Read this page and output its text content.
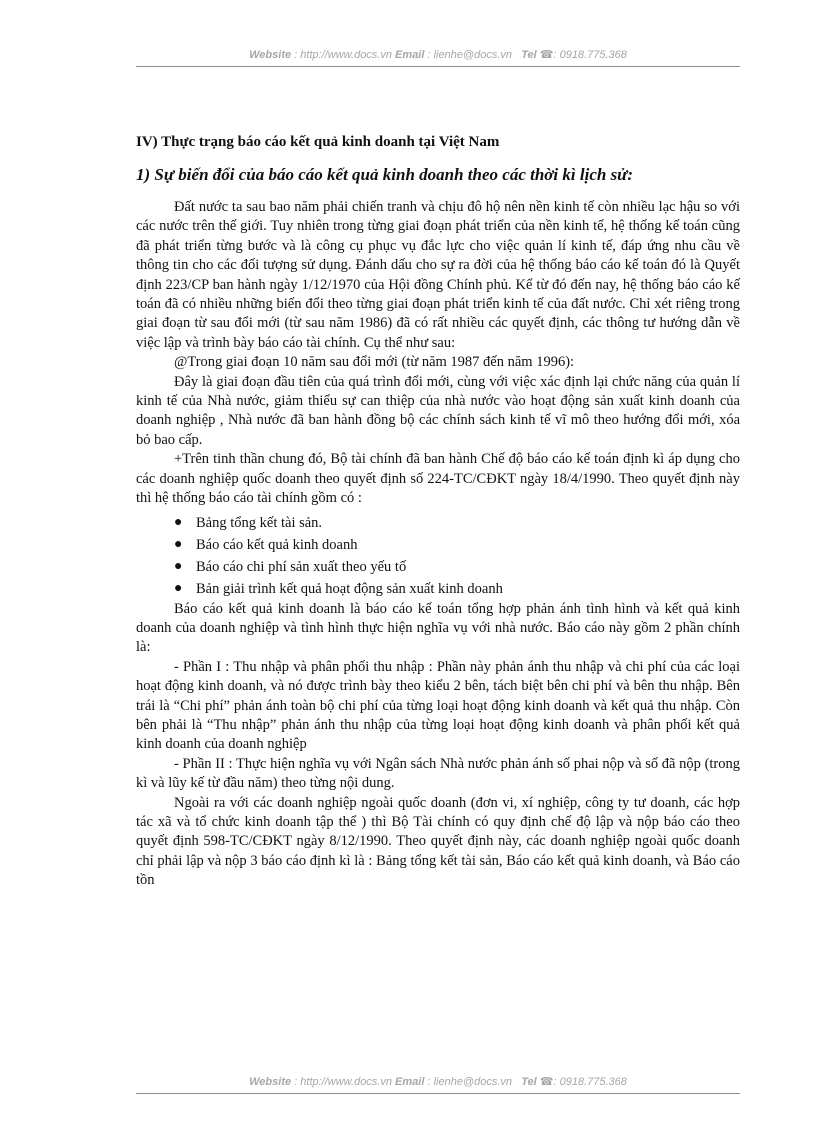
Website : http://www.docs.vn Email : lienhe@docs.vn   Tel ☎: 0918.775.368
IV) Thực trạng báo cáo kết quả kinh doanh tại Việt Nam
1) Sự biến đổi của báo cáo kết quả kinh doanh theo các thời kì lịch sử:

Đất nước ta sau bao năm phải chiến tranh và chịu đô hộ nên nền kinh tế còn nhiều lạc hậu so với các nước trên thế giới. Tuy nhiên trong từng giai đoạn phát triển của nền kinh tế, hệ thống kế toán cũng đã phát triển từng bước và là công cụ phục vụ đắc lực cho việc quản lí kinh tế, đáp ứng nhu cầu về thông tin cho các đối tượng sử dụng. Đánh dấu cho sự ra đời của hệ thống báo cáo kế toán đó là Quyết định 223/CP ban hành ngày 1/12/1970 của Hội đồng Chính phủ. Kể từ đó đến nay, hệ thống báo cáo kế toán đã có nhiều những biến đổi theo từng giai đoạn phát triển kinh tế của đất nước. Chỉ xét riêng trong giai đoạn từ sau đổi mới (từ sau năm 1986) đã có rất nhiều các quyết định, các thông tư hướng dẫn về việc lập và trình bày báo cáo tài chính. Cụ thể như sau:

@Trong giai đoạn 10 năm sau đổi mới (từ năm 1987 đến năm 1996):

Đây là giai đoạn đầu tiên của quá trình đổi mới, cùng với việc xác định lại chức năng của quản lí kinh tế của Nhà nước, giảm thiểu sự can thiệp của nhà nước vào hoạt động sản xuất kinh doanh của doanh nghiệp , Nhà nước đã ban hành đồng bộ các chính sách kinh tế vĩ mô theo hướng đổi mới, xóa bỏ bao cấp.

+Trên tinh thần chung đó, Bộ tài chính đã ban hành Chế độ báo cáo kế toán định kì áp dụng cho các doanh nghiệp quốc doanh theo quyết định số 224-TC/CĐKT ngày 18/4/1990. Theo quyết định này thì hệ thống báo cáo tài chính gồm có :

● Bảng tổng kết tài sản.
● Báo cáo kết quả kinh doanh
● Báo cáo chi phí sản xuất theo yếu tố
● Bản giải trình kết quả hoạt động sản xuất kinh doanh

Báo cáo kết quả kinh doanh là báo cáo kế toán tổng hợp phản ánh tình hình và kết quả kinh doanh của doanh nghiệp và tình hình thực hiện nghĩa vụ với nhà nước. Báo cáo này gồm 2 phần chính là:

- Phần I : Thu nhập và phân phối thu nhập : Phần này phản ánh thu nhập và chi phí của các loại hoạt động kinh doanh, và nó được trình bày theo kiểu 2 bên, tách biệt bên chi phí và bên thu nhập. Bên trái là “Chi phí” phản ánh toàn bộ chi phí của từng loại hoạt động kinh doanh và kết quả thu nhập. Còn bên phải là “Thu nhập” phản ánh thu nhập của từng loại hoạt động kinh doanh và phân phối kết quả kinh doanh của doanh nghiệp

- Phần II : Thực hiện nghĩa vụ với Ngân sách Nhà nước phản ánh số phai nộp và số đã nộp (trong kì và lũy kế từ đầu năm) theo từng nội dung.

Ngoài ra với các doanh nghiệp ngoài quốc doanh (đơn vi, xí nghiệp, công ty tư doanh, các hợp tác xã và tổ chức kinh doanh tập thể ) thì Bộ Tài chính có quy định chế độ lập và nộp báo cáo theo quyết định 598-TC/CĐKT ngày 8/12/1990. Theo quyết định này, các doanh nghiệp ngoài quốc doanh chỉ phải lập và nộp 3 báo cáo định kì là : Bảng tổng kết tài sản, Báo cáo kết quả kinh doanh, và Báo cáo tồn

Website : http://www.docs.vn Email : lienhe@docs.vn   Tel ☎: 0918.775.368
